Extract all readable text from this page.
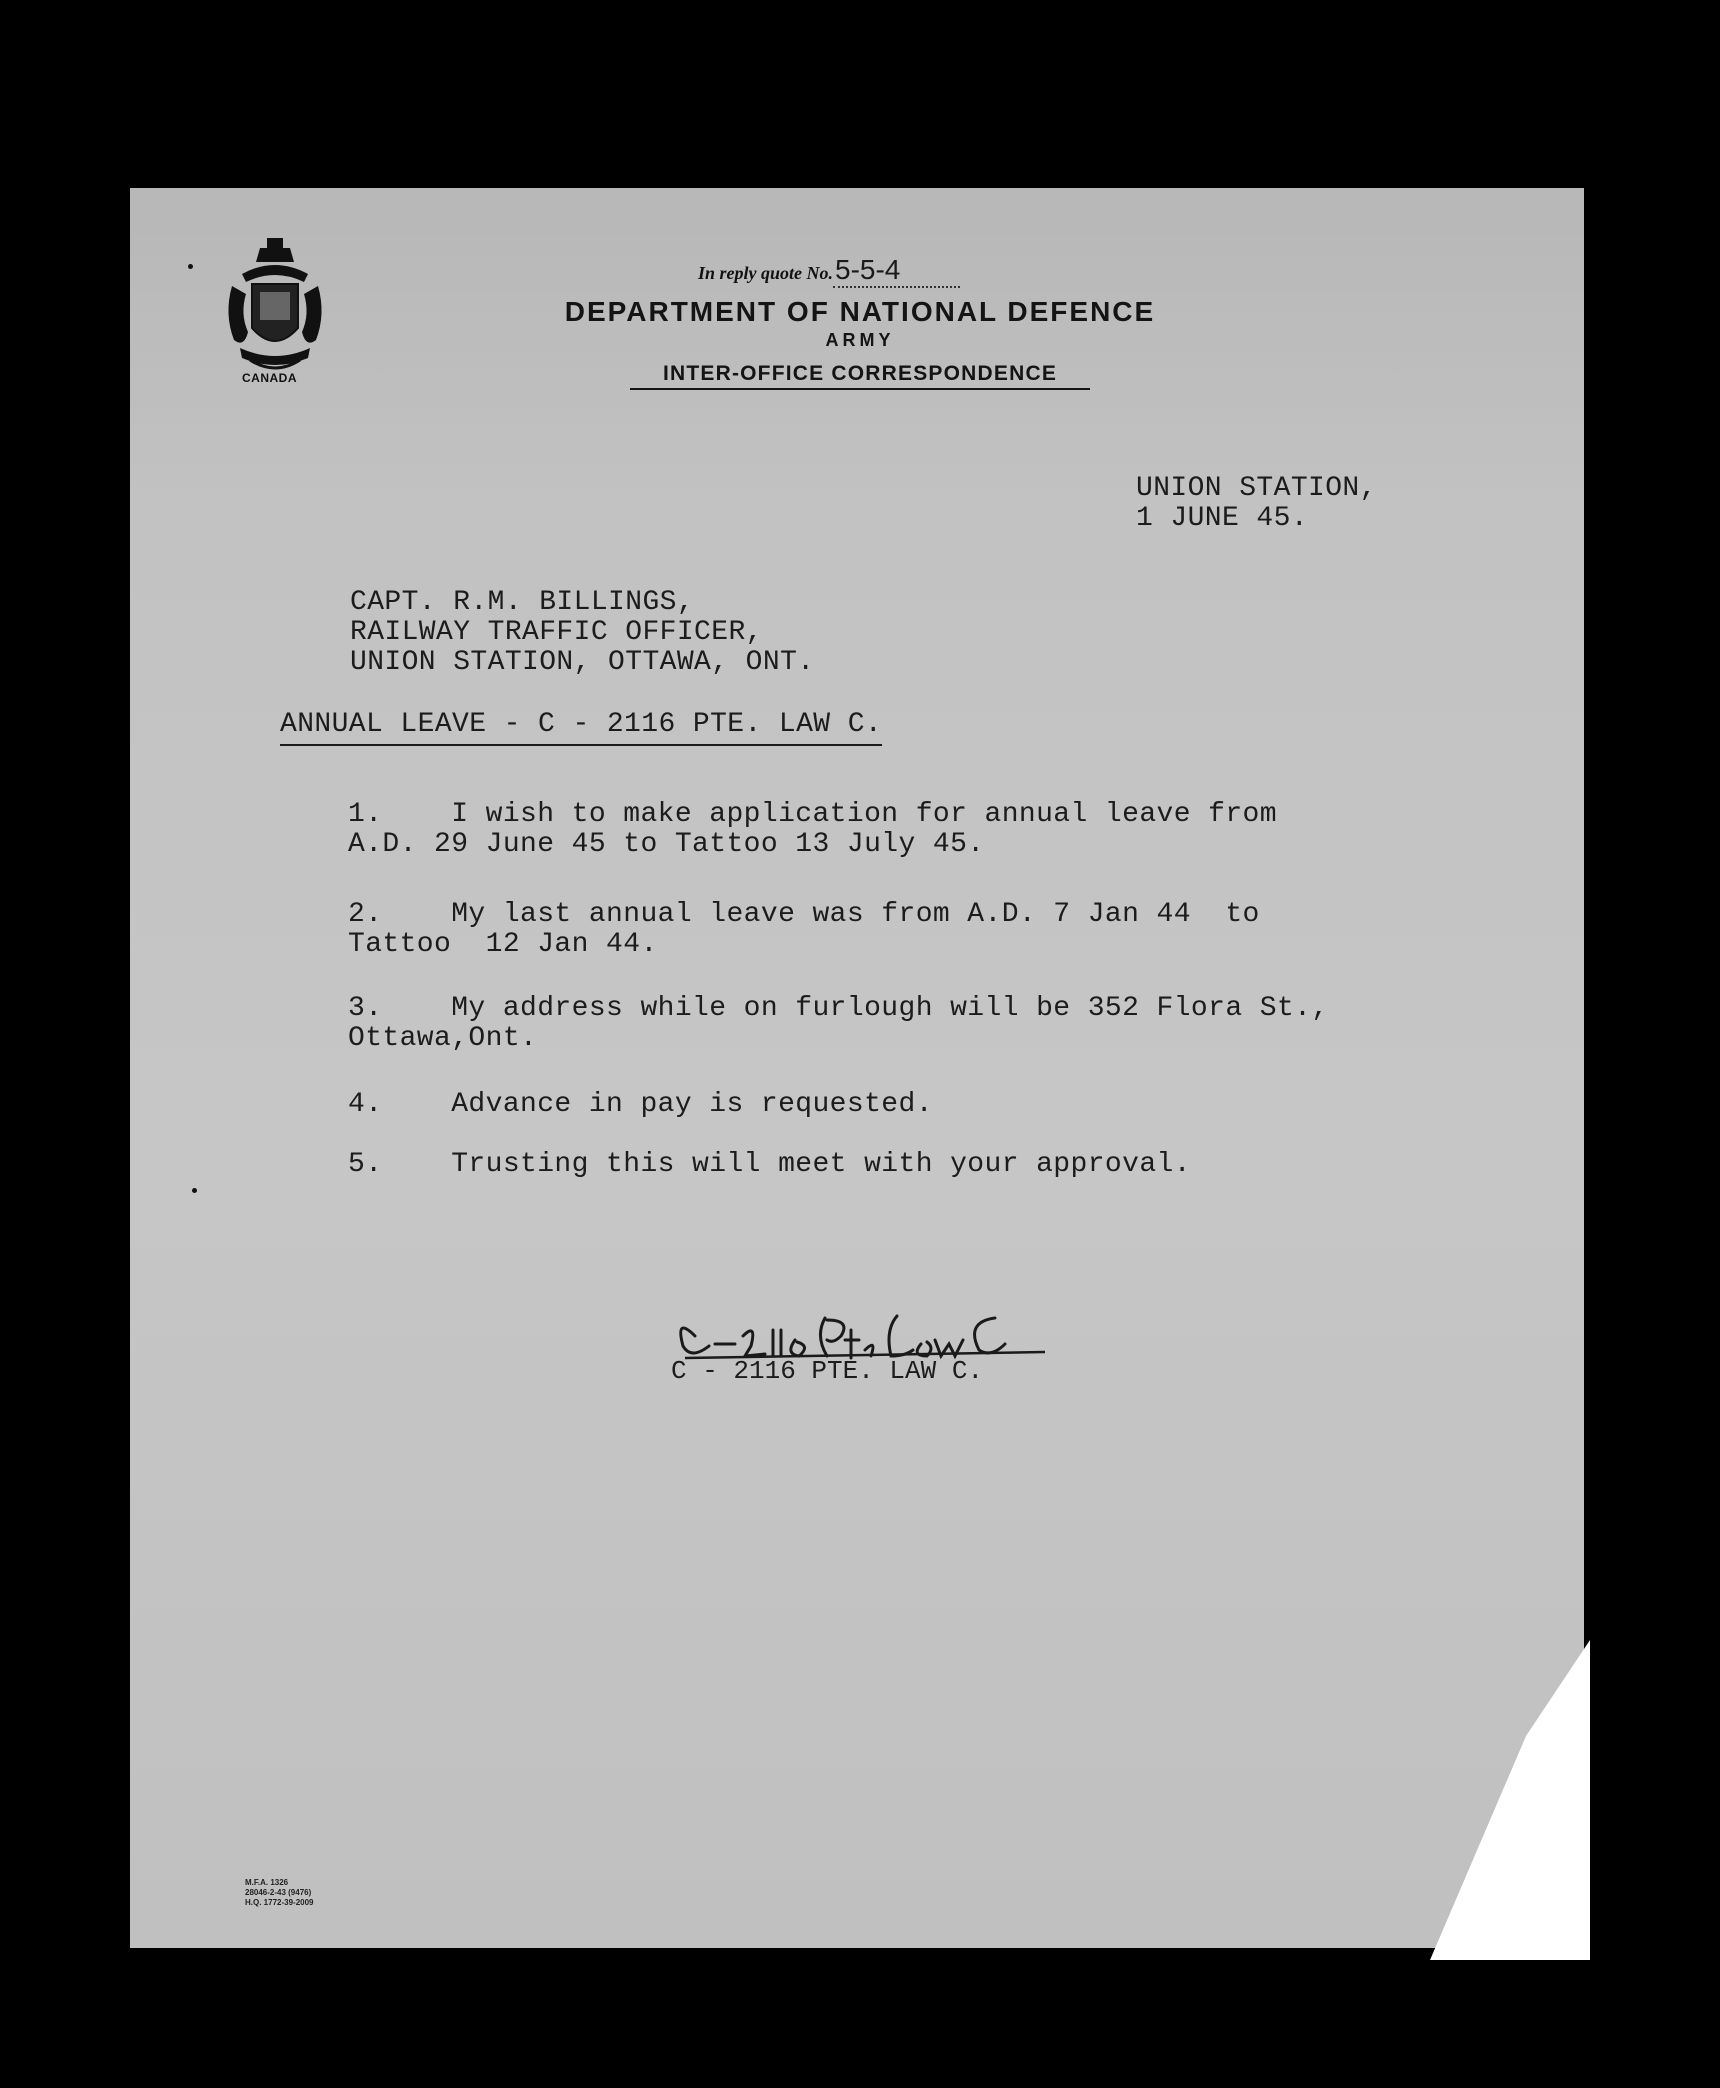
CANADA
In reply quote No.5-5-4
DEPARTMENT OF NATIONAL DEFENCE
ARMY
INTER-OFFICE CORRESPONDENCE
UNION STATION,
1 JUNE 45.
CAPT. R.M. BILLINGS,
RAILWAY TRAFFIC OFFICER,
UNION STATION, OTTAWA, ONT.
ANNUAL LEAVE - C - 2116 PTE. LAW C.
1.    I wish to make application for annual leave from
A.D. 29 June 45 to Tattoo 13 July 45.
2.    My last annual leave was from A.D. 7 Jan 44  to
Tattoo  12 Jan 44.
3.    My address while on furlough will be 352 Flora St.,
Ottawa,Ont.
4.    Advance in pay is requested.
5.    Trusting this will meet with your approval.
C - 2116 PTE. LAW C.
M.F.A. 1326
28046-2-43 (9476)
H.Q. 1772-39-2009
